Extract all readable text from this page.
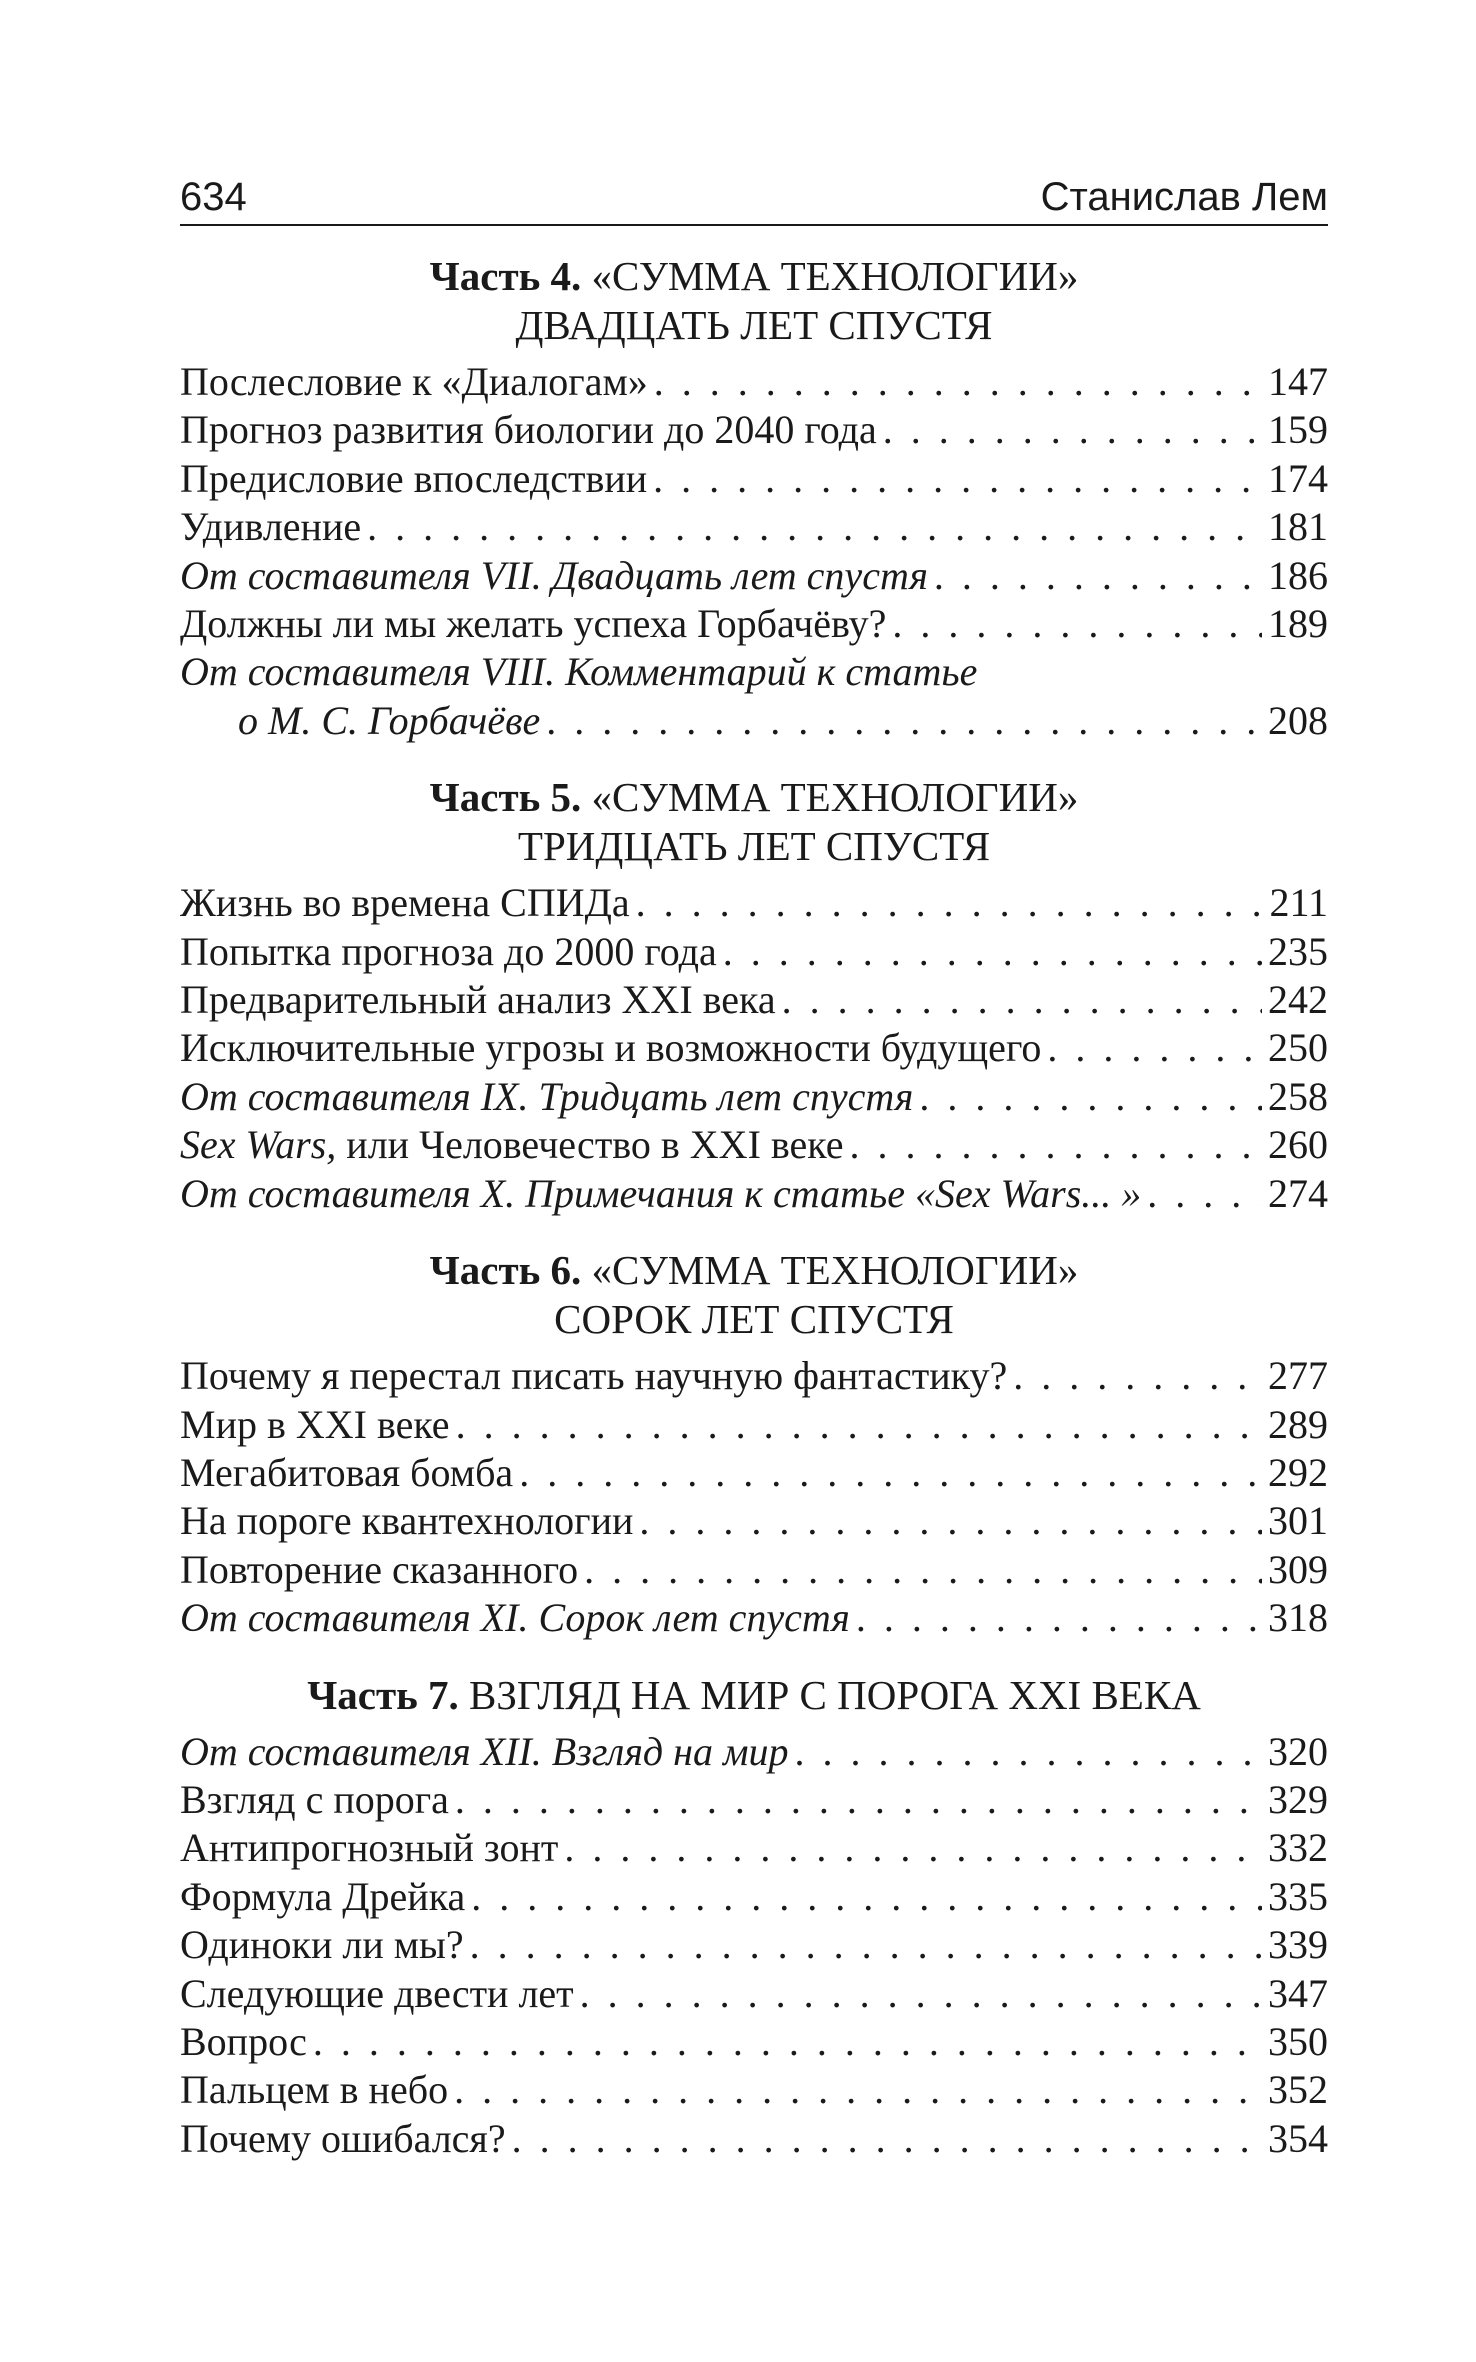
634	Станислав Лем
Часть 4. «СУММА ТЕХНОЛОГИИ»
ДВАДЦАТЬ ЛЕТ СПУСТЯ
Послесловие к «Диалогам» . . .	147
Прогноз развития биологии до 2040 года . . .	159
Предисловие впоследствии . . .	174
Удивление . . .	181
От составителя VII. Двадцать лет спустя . . .	186
Должны ли мы желать успеха Горбачёву? . . .	189
От составителя VIII. Комментарий к статье
о М. С. Горбачёве . . .	208
Часть 5. «СУММА ТЕХНОЛОГИИ»
ТРИДЦАТЬ ЛЕТ СПУСТЯ
Жизнь во времена СПИДа . . .	211
Попытка прогноза до 2000 года . . .	235
Предварительный анализ XXI века . . .	242
Исключительные угрозы и возможности будущего . . .	250
От составителя IX. Тридцать лет спустя . . .	258
Sex Wars, или Человечество в XXI веке . . .	260
От составителя X. Примечания к статье «Sex Wars... » . . .	274
Часть 6. «СУММА ТЕХНОЛОГИИ»
СОРОК ЛЕТ СПУСТЯ
Почему я перестал писать научную фантастику? . . .	277
Мир в XXI веке . . .	289
Мегабитовая бомба . . .	292
На пороге квантехнологии . . .	301
Повторение сказанного . . .	309
От составителя XI. Сорок лет спустя . . .	318
Часть 7. ВЗГЛЯД НА МИР С ПОРОГА XXI ВЕКА
От составителя XII. Взгляд на мир . . .	320
Взгляд с порога . . .	329
Антипрогнозный зонт . . .	332
Формула Дрейка . . .	335
Одиноки ли мы? . . .	339
Следующие двести лет . . .	347
Вопрос . . .	350
Пальцем в небо . . .	352
Почему ошибался? . . .	354
